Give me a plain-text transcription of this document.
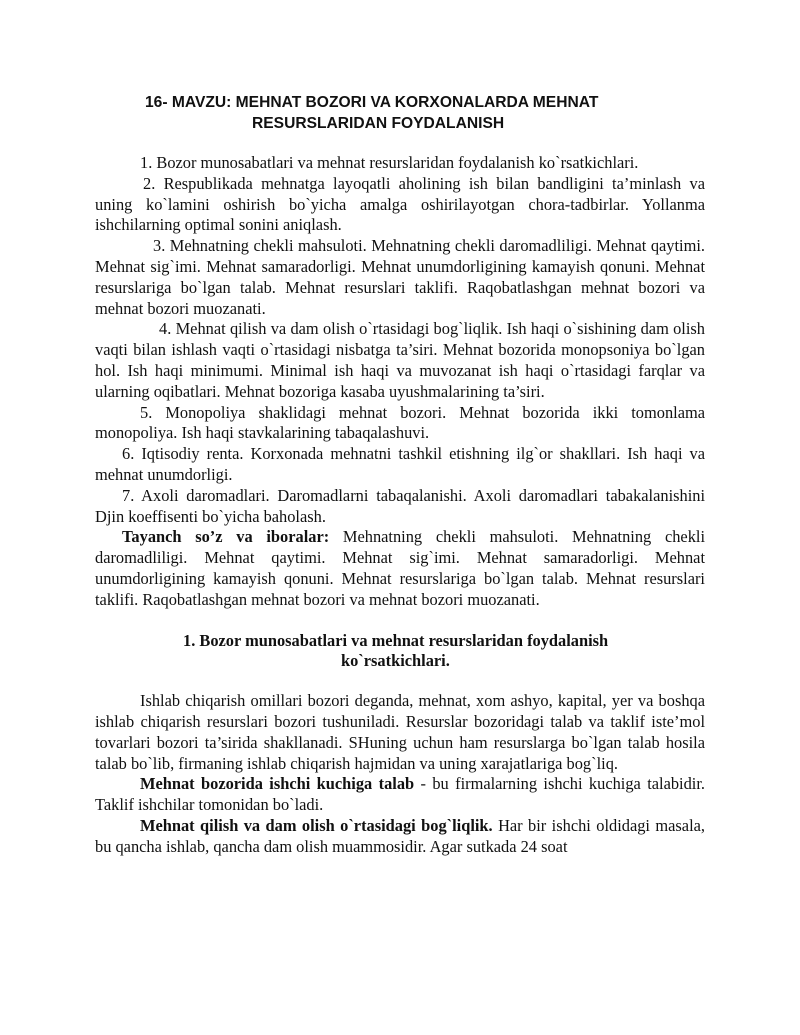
16- MAVZU: MEHNAT BOZORI VA KORXONALARDA MEHNAT
RESURSLARIDAN FOYDALANISH

1. Bozor munosabatlari va mehnat resurslaridan foydalanish ko`rsatkichlari.

2. Respublikada mehnatga layoqatli aholining ish bilan bandligini ta’minlash va uning ko`lamini oshirish bo`yicha amalga oshirilayotgan chora-tadbirlar. Yollanma ishchilarning optimal sonini aniqlash.

3. Mehnatning chekli mahsuloti. Mehnatning chekli daromadliligi. Mehnat qaytimi. Mehnat sig`imi. Mehnat samaradorligi. Mehnat unumdorligining kamayish qonuni. Mehnat resurslariga bo`lgan talab. Mehnat resurslari taklifi. Raqobatlashgan mehnat bozori va mehnat bozori muozanati.

4. Mehnat qilish va dam olish o`rtasidagi bog`liqlik. Ish haqi o`sishining dam olish vaqti bilan ishlash vaqti o`rtasidagi nisbatga ta’siri. Mehnat bozorida monopsoniya bo`lgan hol. Ish haqi minimumi. Minimal ish haqi va muvozanat ish haqi o`rtasidagi farqlar va ularning oqibatlari. Mehnat bozoriga kasaba uyushmalarining ta’siri.

5. Monopoliya shaklidagi mehnat bozori. Mehnat bozorida ikki tomonlama monopoliya. Ish haqi stavkalarining tabaqalashuvi.

6. Iqtisodiy renta. Korxonada mehnatni tashkil etishning ilg`or shakllari. Ish haqi va mehnat unumdorligi.

7. Axoli daromadlari. Daromadlarni tabaqalanishi. Axoli daromadlari tabakalanishini Djin koeffisenti bo`yicha baholash.

Tayanch so’z va iboralar: Mehnatning chekli mahsuloti. Mehnatning chekli daromadliligi. Mehnat qaytimi. Mehnat sig`imi. Mehnat samaradorligi. Mehnat unumdorligining kamayish qonuni. Mehnat resurslariga bo`lgan talab. Mehnat resurslari taklifi. Raqobatlashgan mehnat bozori va mehnat bozori muozanati.

1. Bozor munosabatlari va mehnat resurslaridan foydalanish
ko`rsatkichlari.

Ishlab chiqarish omillari bozori deganda, mehnat, xom ashyo, kapital, yer va boshqa ishlab chiqarish resurslari bozori tushuniladi. Resurslar bozoridagi talab va taklif iste’mol tovarlari bozori ta’sirida shakllanadi. SHuning uchun ham resurslarga bo`lgan talab hosila talab bo`lib, firmaning ishlab chiqarish hajmidan va uning xarajatlariga bog`liq.

Mehnat bozorida ishchi kuchiga talab - bu firmalarning ishchi kuchiga talabidir. Taklif ishchilar tomonidan bo`ladi.

Mehnat qilish va dam olish o`rtasidagi bog`liqlik. Har bir ishchi oldidagi masala, bu qancha ishlab, qancha dam olish muammosidir. Agar sutkada 24 soat
